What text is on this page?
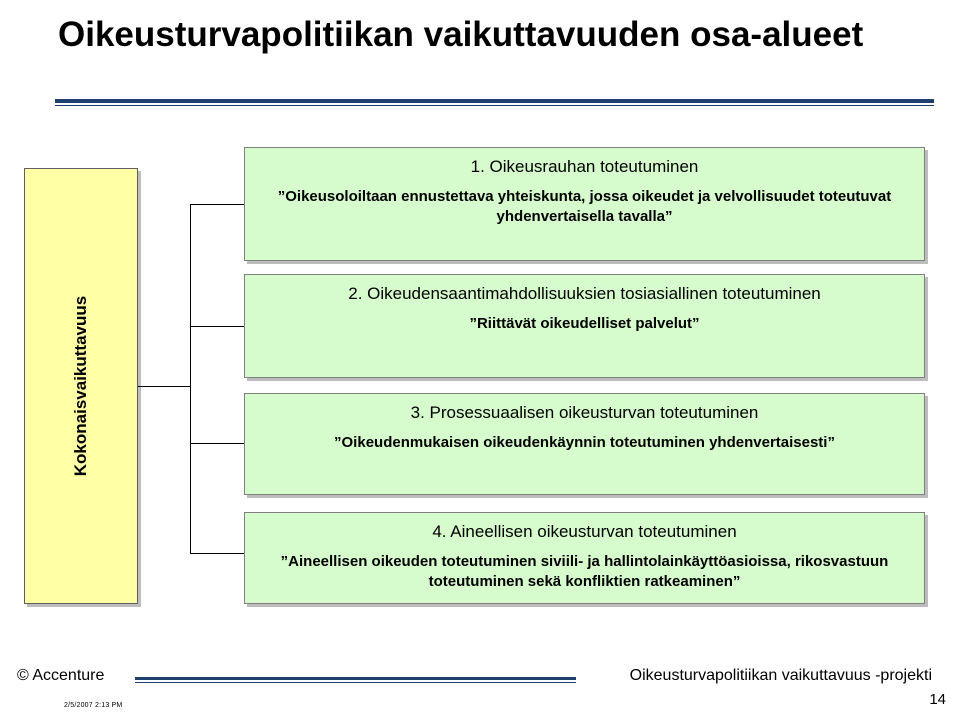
Oikeusturvapolitiikan vaikuttavuuden osa-alueet
Kokonaisvaikuttavuus
1. Oikeusrauhan toteutuminen
”Oikeusoloiltaan ennustettava yhteiskunta, jossa oikeudet ja velvollisuudet toteutuvat yhdenvertaisella tavalla”
2. Oikeudensaantimahdollisuuksien tosiasiallinen toteutuminen
”Riittävät oikeudelliset palvelut”
3. Prosessuaalisen oikeusturvan toteutuminen
”Oikeudenmukaisen oikeudenkäynnin toteutuminen yhdenvertaisesti”
4. Aineellisen oikeusturvan toteutuminen
”Aineellisen oikeuden toteutuminen siviili- ja hallintolainkäyttöasioissa, rikosvastuun toteutuminen sekä konfliktien ratkeaminen”
© Accenture	Oikeusturvapolitiikan vaikuttavuus -projekti
2/5/2007 2:13 PM	14
